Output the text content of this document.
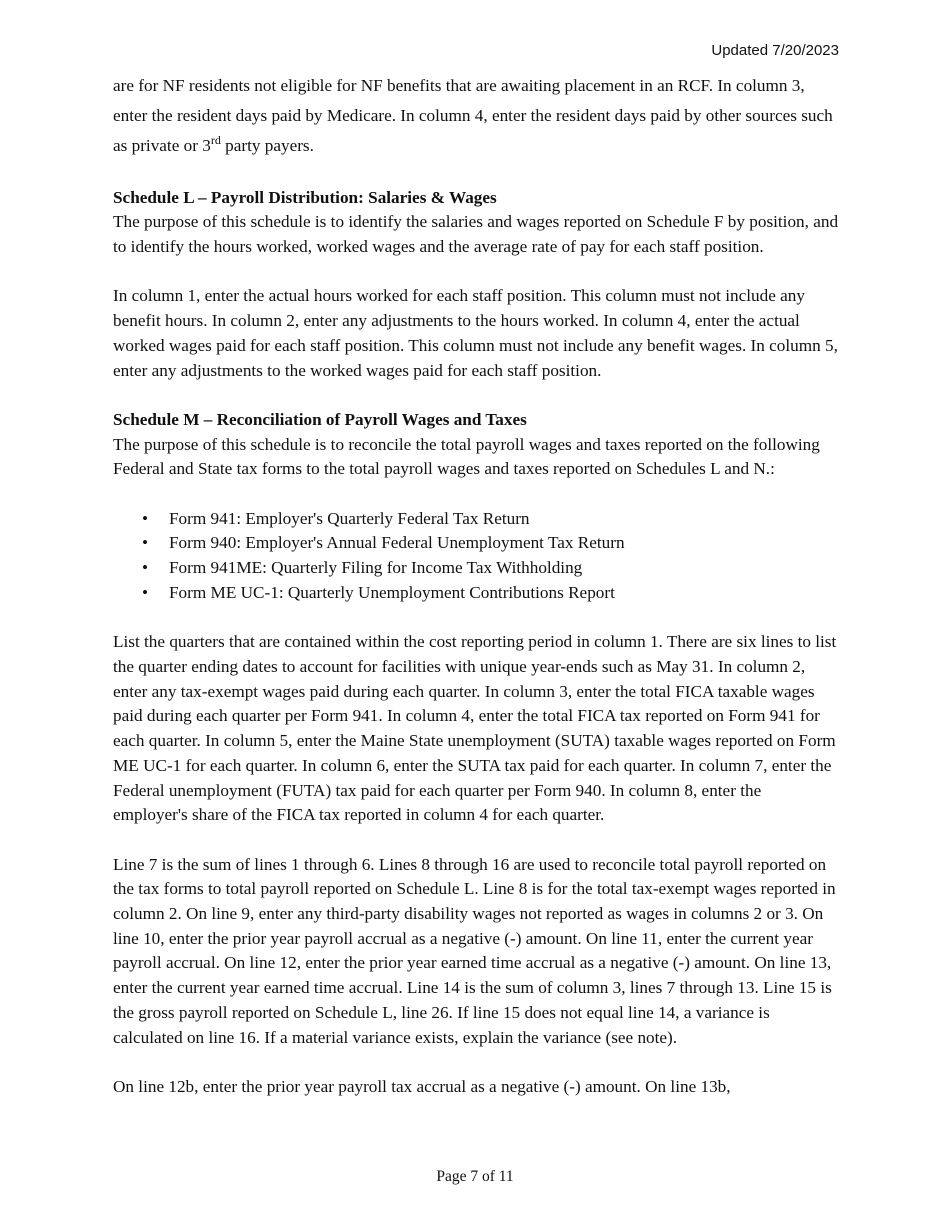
Updated 7/20/2023

are for NF residents not eligible for NF benefits that are awaiting placement in an RCF. In column 3, enter the resident days paid by Medicare. In column 4, enter the resident days paid by other sources such as private or 3rd party payers.

Schedule L – Payroll Distribution: Salaries & Wages

The purpose of this schedule is to identify the salaries and wages reported on Schedule F by position, and to identify the hours worked, worked wages and the average rate of pay for each staff position.

In column 1, enter the actual hours worked for each staff position. This column must not include any benefit hours. In column 2, enter any adjustments to the hours worked. In column 4, enter the actual worked wages paid for each staff position. This column must not include any benefit wages. In column 5, enter any adjustments to the worked wages paid for each staff position.

Schedule M – Reconciliation of Payroll Wages and Taxes

The purpose of this schedule is to reconcile the total payroll wages and taxes reported on the following Federal and State tax forms to the total payroll wages and taxes reported on Schedules L and N.:

• Form 941: Employer's Quarterly Federal Tax Return
• Form 940: Employer's Annual Federal Unemployment Tax Return
• Form 941ME: Quarterly Filing for Income Tax Withholding
• Form ME UC-1: Quarterly Unemployment Contributions Report

List the quarters that are contained within the cost reporting period in column 1. There are six lines to list the quarter ending dates to account for facilities with unique year-ends such as May 31. In column 2, enter any tax-exempt wages paid during each quarter. In column 3, enter the total FICA taxable wages paid during each quarter per Form 941. In column 4, enter the total FICA tax reported on Form 941 for each quarter. In column 5, enter the Maine State unemployment (SUTA) taxable wages reported on Form ME UC-1 for each quarter. In column 6, enter the SUTA tax paid for each quarter. In column 7, enter the Federal unemployment (FUTA) tax paid for each quarter per Form 940. In column 8, enter the employer's share of the FICA tax reported in column 4 for each quarter.

Line 7 is the sum of lines 1 through 6. Lines 8 through 16 are used to reconcile total payroll reported on the tax forms to total payroll reported on Schedule L. Line 8 is for the total tax-exempt wages reported in column 2. On line 9, enter any third-party disability wages not reported as wages in columns 2 or 3. On line 10, enter the prior year payroll accrual as a negative (-) amount. On line 11, enter the current year payroll accrual. On line 12, enter the prior year earned time accrual as a negative (-) amount. On line 13, enter the current year earned time accrual. Line 14 is the sum of column 3, lines 7 through 13. Line 15 is the gross payroll reported on Schedule L, line 26. If line 15 does not equal line 14, a variance is calculated on line 16. If a material variance exists, explain the variance (see note).

On line 12b, enter the prior year payroll tax accrual as a negative (-) amount. On line 13b,

Page 7 of 11
